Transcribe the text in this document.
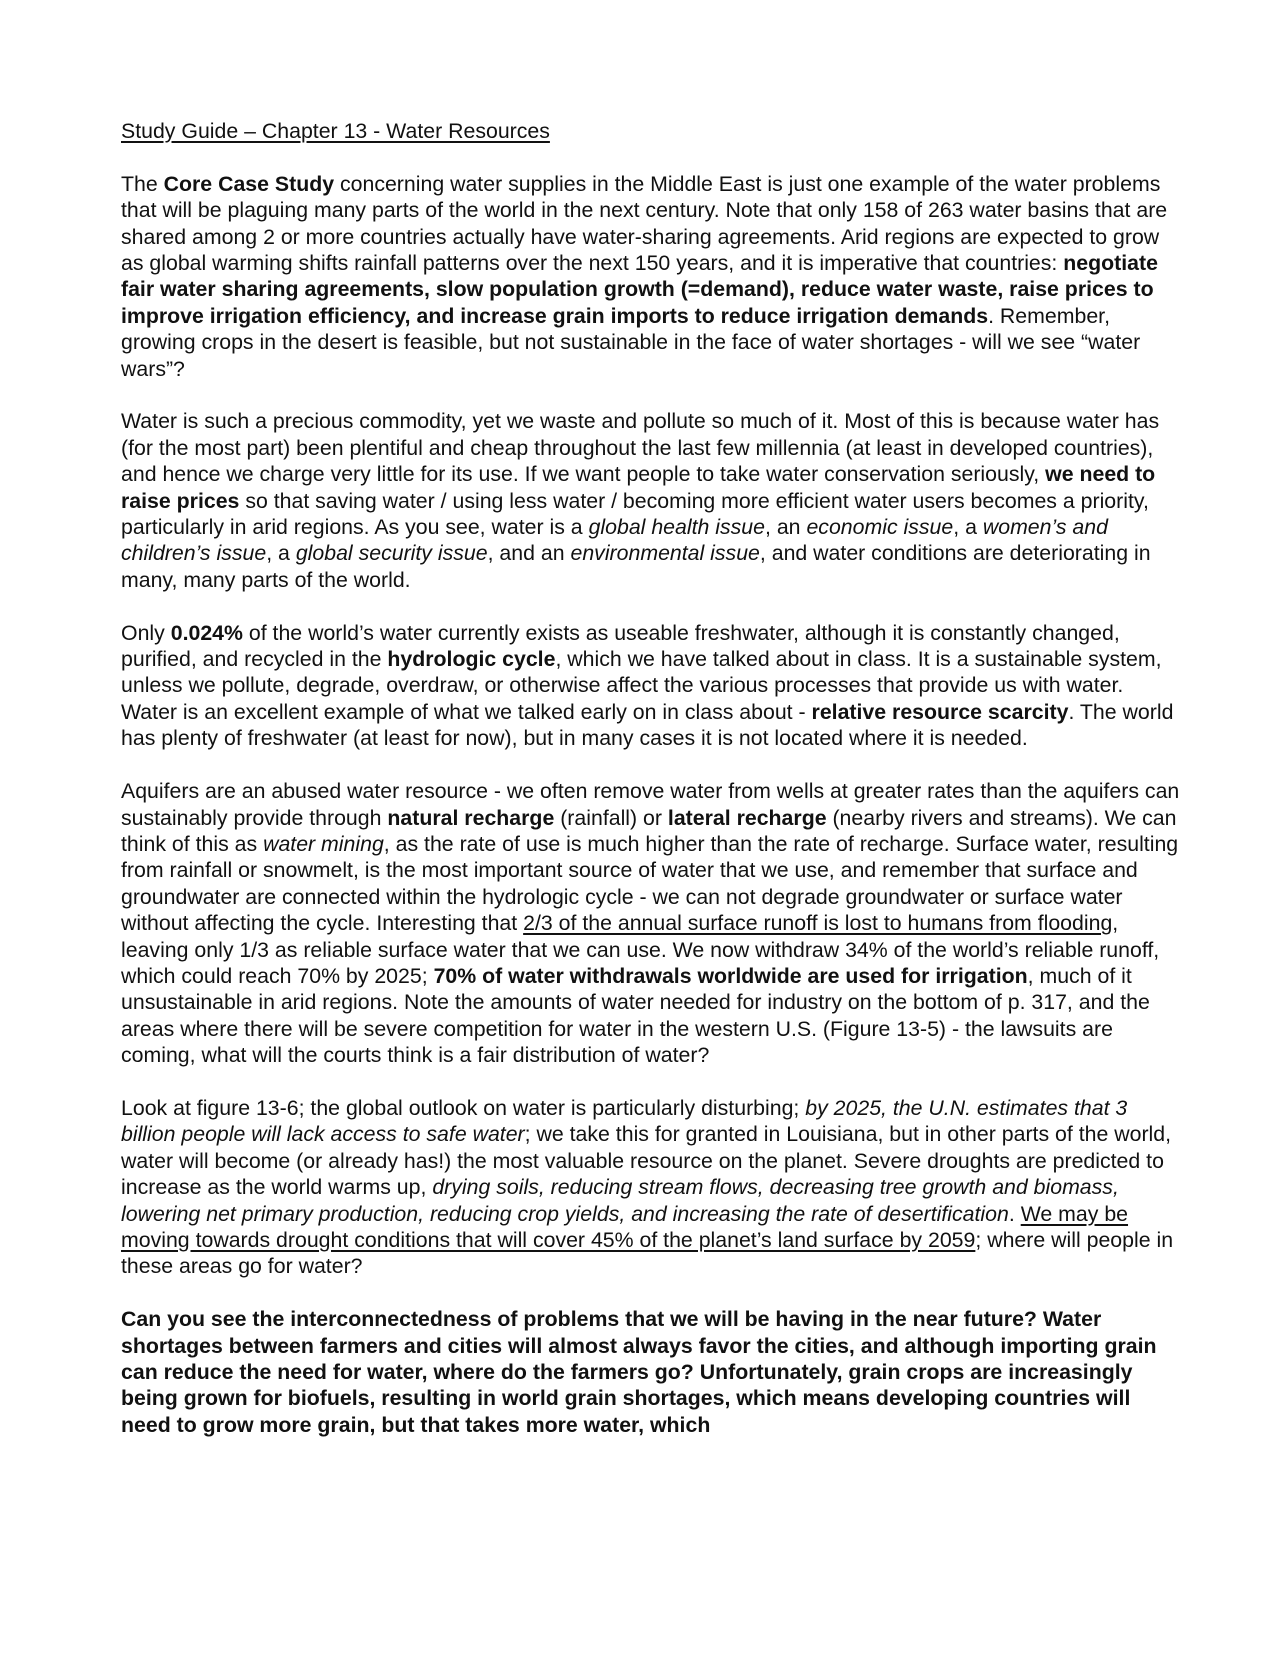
Study Guide – Chapter 13 - Water Resources

The Core Case Study concerning water supplies in the Middle East is just one example of the water problems that will be plaguing many parts of the world in the next century. Note that only 158 of 263 water basins that are shared among 2 or more countries actually have water-sharing agreements. Arid regions are expected to grow as global warming shifts rainfall patterns over the next 150 years, and it is imperative that countries: negotiate fair water sharing agreements, slow population growth (=demand), reduce water waste, raise prices to improve irrigation efficiency, and increase grain imports to reduce irrigation demands. Remember, growing crops in the desert is feasible, but not sustainable in the face of water shortages - will we see “water wars”?

Water is such a precious commodity, yet we waste and pollute so much of it. Most of this is because water has (for the most part) been plentiful and cheap throughout the last few millennia (at least in developed countries), and hence we charge very little for its use. If we want people to take water conservation seriously, we need to raise prices so that saving water / using less water / becoming more efficient water users becomes a priority, particularly in arid regions. As you see, water is a global health issue, an economic issue, a women’s and children’s issue, a global security issue, and an environmental issue, and water conditions are deteriorating in many, many parts of the world.

Only 0.024% of the world’s water currently exists as useable freshwater, although it is constantly changed, purified, and recycled in the hydrologic cycle, which we have talked about in class. It is a sustainable system, unless we pollute, degrade, overdraw, or otherwise affect the various processes that provide us with water. Water is an excellent example of what we talked early on in class about - relative resource scarcity. The world has plenty of freshwater (at least for now), but in many cases it is not located where it is needed.

Aquifers are an abused water resource - we often remove water from wells at greater rates than the aquifers can sustainably provide through natural recharge (rainfall) or lateral recharge (nearby rivers and streams). We can think of this as water mining, as the rate of use is much higher than the rate of recharge. Surface water, resulting from rainfall or snowmelt, is the most important source of water that we use, and remember that surface and groundwater are connected within the hydrologic cycle - we can not degrade groundwater or surface water without affecting the cycle. Interesting that 2/3 of the annual surface runoff is lost to humans from flooding, leaving only 1/3 as reliable surface water that we can use. We now withdraw 34% of the world’s reliable runoff, which could reach 70% by 2025; 70% of water withdrawals worldwide are used for irrigation, much of it unsustainable in arid regions. Note the amounts of water needed for industry on the bottom of p. 317, and the areas where there will be severe competition for water in the western U.S. (Figure 13-5) - the lawsuits are coming, what will the courts think is a fair distribution of water?

Look at figure 13-6; the global outlook on water is particularly disturbing; by 2025, the U.N. estimates that 3 billion people will lack access to safe water; we take this for granted in Louisiana, but in other parts of the world, water will become (or already has!) the most valuable resource on the planet. Severe droughts are predicted to increase as the world warms up, drying soils, reducing stream flows, decreasing tree growth and biomass, lowering net primary production, reducing crop yields, and increasing the rate of desertification. We may be moving towards drought conditions that will cover 45% of the planet’s land surface by 2059; where will people in these areas go for water?

Can you see the interconnectedness of problems that we will be having in the near future? Water shortages between farmers and cities will almost always favor the cities, and although importing grain can reduce the need for water, where do the farmers go? Unfortunately, grain crops are increasingly being grown for biofuels, resulting in world grain shortages, which means developing countries will need to grow more grain, but that takes more water, which
